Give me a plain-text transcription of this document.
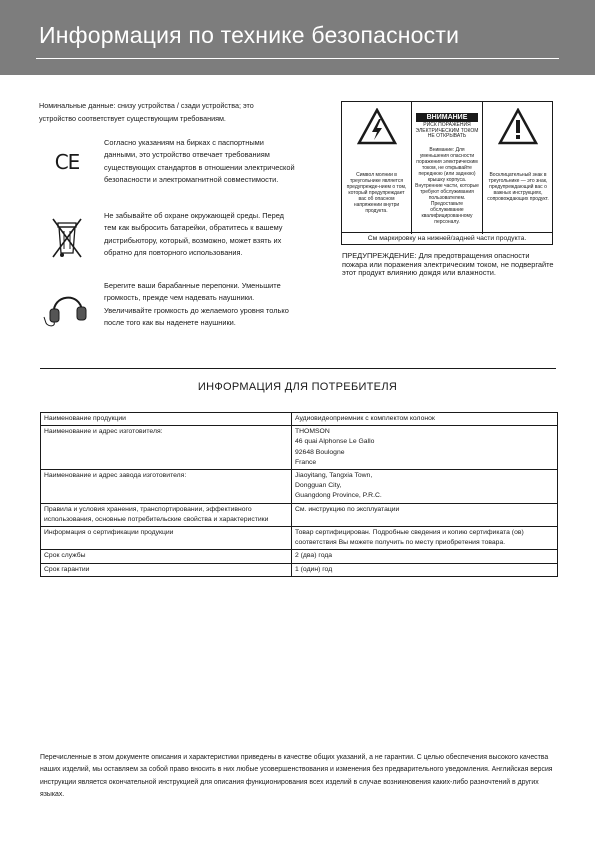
Информация по технике безопасности
Номинальные данные: снизу устройства / сзади устройства; это устройство соответствует существующим требованиям.
CE
Согласно указаниям на бирках с паспортными данными, это устройство отвечает требованиям существующих стандартов в отношении электрической безопасности и электромагнитной совместимости.
Не забывайте об охране окружающей среды. Перед тем как выбросить батарейки, обратитесь к вашему дистрибьютору, который, возможно, может взять их обратно для повторного использования.
Берегите ваши барабанные перепонки. Уменьшите громкость, прежде чем надевать наушники. Увеличивайте громкость до желаемого уровня только после того как вы наденете наушники.
Символ молнии в треугольнике является предупрежде-нием о том, который предупреждает вас об опасном напряжении внутри продукта.
ВНИМАНИЕ
РИСК ПОРАЖЕНИЯ ЭЛЕКТРИЧЕСКИМ ТОКОМ НЕ ОТКРЫВАТЬ
Внимание: Для уменьшения опасности поражения электрическим током, не открывайте переднюю (или заднюю) крышку корпуса. Внутренние части, которые требуют обслуживания пользователем. Предоставьте обслуживание квалифицированному персоналу.
Восклицательный знак в треугольнике — это знак, предупреждающий вас о важных инструкциях, сопровождающих продукт.
См маркировку на нижней/задней части продукта.
ПРЕДУПРЕЖДЕНИЕ: Для предотвращения опасности пожара или поражения электрическим током, не подвергайте этот продукт влиянию дождя или влажности.
ИНФОРМАЦИЯ ДЛЯ ПОТРЕБИТЕЛЯ
Наименование продукции	Аудиовидеоприемник с комплектом колонок

Наименование и адрес изготовителя:	THOMSON
46 quai Alphonse Le Gallo
92648 Boulogne
France

Наименование и адрес завода изготовителя:	Jiaoyitang, Tangxia Town,
Dongguan City,
Guangdong Province, P.R.C.

Правила и условия хранения, транспортировании, эффективного использования, основные потребительские свойства и характеристики	См. инструкцию по эксплуатации

Информация о сертификации продукции	Товар сертифицирован. Подробные сведения и копию сертификата (ов) соответствия Вы можете получить по месту приобретения товара.

Срок службы	2 (два) года

Срок гарантии	1 (один) год
Перечисленные в этом документе описания и характеристики приведены в качестве общих указаний, а не гарантии. С целью обеспечения высокого качества наших изделий, мы оставляем за собой право вносить в них любые усовершенствования и изменения без предварительного уведомления. Английская версия инструкции является окончательной инструкцией для описания функционирования всех изделий в случае возникновения каких-либо разночтений в других языках.
